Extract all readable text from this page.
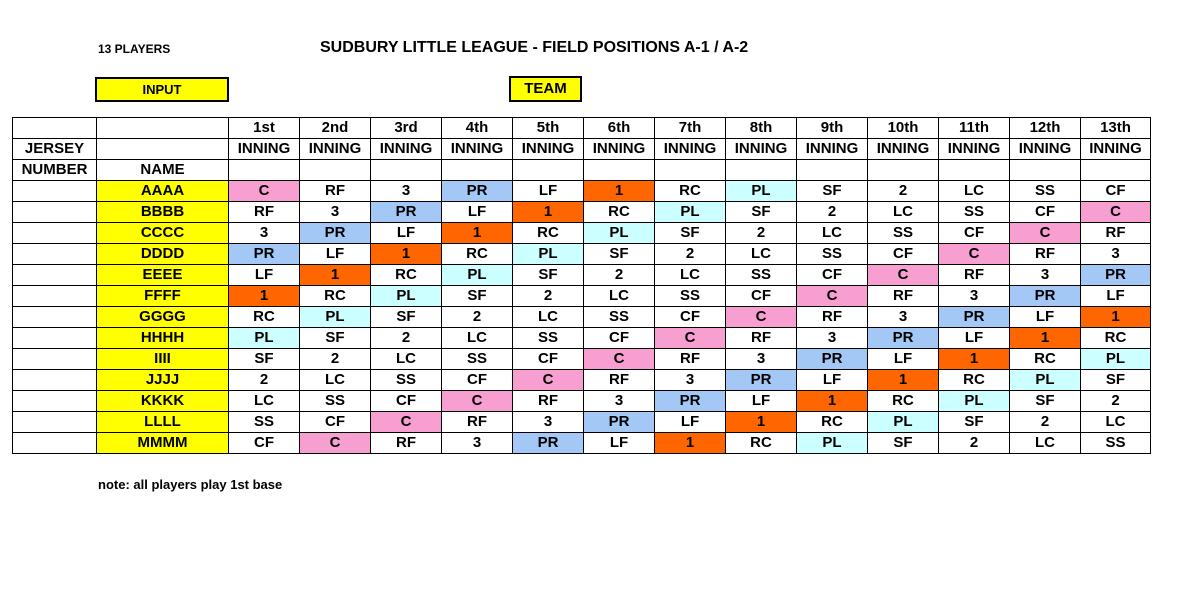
13 PLAYERS	SUDBURY LITTLE LEAGUE - FIELD POSITIONS A-1 / A-2
INPUT	TEAM
		1st	2nd	3rd	4th	5th	6th	7th	8th	9th	10th	11th	12th	13th
JERSEY		INNING	INNING	INNING	INNING	INNING	INNING	INNING	INNING	INNING	INNING	INNING	INNING	INNING
NUMBER	NAME													
	AAAA	C	RF	3	PR	LF	1	RC	PL	SF	2	LC	SS	CF
	BBBB	RF	3	PR	LF	1	RC	PL	SF	2	LC	SS	CF	C
	CCCC	3	PR	LF	1	RC	PL	SF	2	LC	SS	CF	C	RF
	DDDD	PR	LF	1	RC	PL	SF	2	LC	SS	CF	C	RF	3
	EEEE	LF	1	RC	PL	SF	2	LC	SS	CF	C	RF	3	PR
	FFFF	1	RC	PL	SF	2	LC	SS	CF	C	RF	3	PR	LF
	GGGG	RC	PL	SF	2	LC	SS	CF	C	RF	3	PR	LF	1
	HHHH	PL	SF	2	LC	SS	CF	C	RF	3	PR	LF	1	RC
	IIII	SF	2	LC	SS	CF	C	RF	3	PR	LF	1	RC	PL
	JJJJ	2	LC	SS	CF	C	RF	3	PR	LF	1	RC	PL	SF
	KKKK	LC	SS	CF	C	RF	3	PR	LF	1	RC	PL	SF	2
	LLLL	SS	CF	C	RF	3	PR	LF	1	RC	PL	SF	2	LC
	MMMM	CF	C	RF	3	PR	LF	1	RC	PL	SF	2	LC	SS
note: all players play 1st base
